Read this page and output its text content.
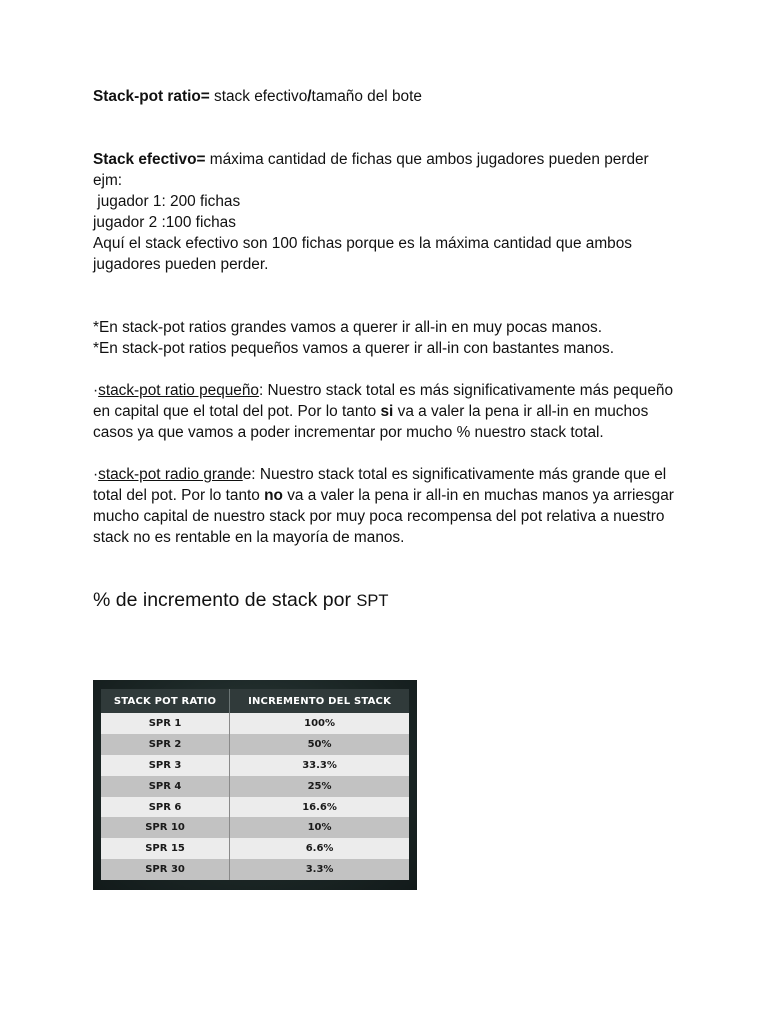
Stack-pot ratio= stack efectivo/tamaño del bote

Stack efectivo= máxima cantidad de fichas que ambos jugadores pueden perder

ejm:

jugador 1: 200 fichas

jugador 2 :100 fichas

Aquí el stack efectivo son 100 fichas porque es la máxima cantidad que ambos jugadores pueden perder.

*En stack-pot ratios grandes vamos a querer ir all-in en muy pocas manos.

*En stack-pot ratios pequeños vamos a querer ir all-in con bastantes manos.

·stack-pot ratio pequeño: Nuestro stack total es más significativamente más pequeño en capital que el total del pot. Por lo tanto si va a valer la pena ir all-in en muchos casos ya que vamos a poder incrementar por mucho % nuestro stack total.

·stack-pot radio grande: Nuestro stack total es significativamente más grande que el total del pot. Por lo tanto no va a valer la pena ir all-in en muchas manos ya arriesgar mucho capital de nuestro stack por muy poca recompensa del pot relativa a nuestro stack no es rentable en la mayoría de manos.

% de incremento de stack por SPT
STACK POT RATIO	INCREMENTO DEL STACK
SPR 1	100%
SPR 2	50%
SPR 3	33.3%
SPR 4	25%
SPR 6	16.6%
SPR 10	10%
SPR 15	6.6%
SPR 30	3.3%
